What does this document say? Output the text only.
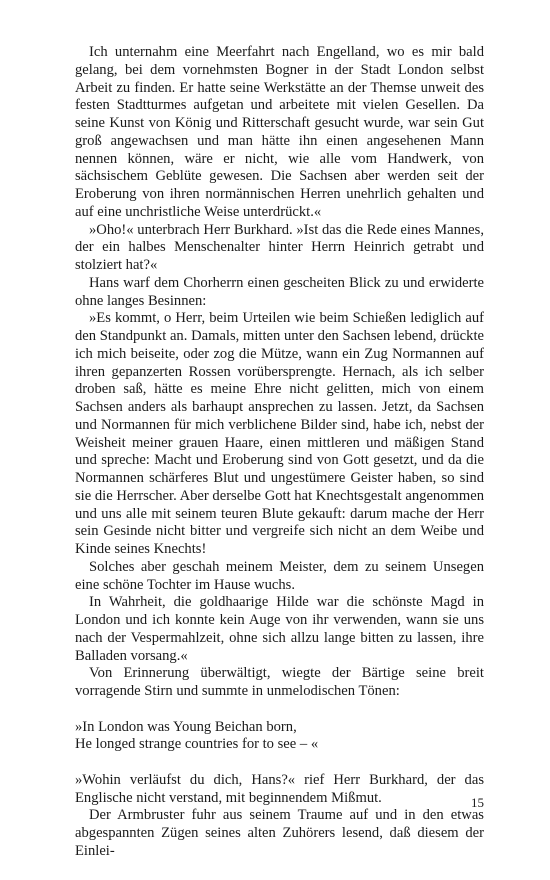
Ich unternahm eine Meerfahrt nach Engelland, wo es mir bald gelang, bei dem vornehmsten Bogner in der Stadt London selbst Arbeit zu finden. Er hatte seine Werkstätte an der Themse unweit des festen Stadtturmes aufgetan und arbeitete mit vielen Gesellen. Da seine Kunst von König und Ritterschaft gesucht wurde, war sein Gut groß angewachsen und man hätte ihn einen angesehenen Mann nennen können, wäre er nicht, wie alle vom Handwerk, von sächsischem Geblüte gewesen. Die Sachsen aber werden seit der Eroberung von ihren normännischen Herren unehrlich gehalten und auf eine unchristliche Weise unterdrückt.«

»Oho!« unterbrach Herr Burkhard. »Ist das die Rede eines Mannes, der ein halbes Menschenalter hinter Herrn Heinrich getrabt und stolziert hat?«

Hans warf dem Chorherrn einen gescheiten Blick zu und erwiderte ohne langes Besinnen:

»Es kommt, o Herr, beim Urteilen wie beim Schießen lediglich auf den Standpunkt an. Damals, mitten unter den Sachsen lebend, drückte ich mich beiseite, oder zog die Mütze, wann ein Zug Normannen auf ihren gepanzerten Rossen vorübersprengte. Hernach, als ich selber droben saß, hätte es meine Ehre nicht gelitten, mich von einem Sachsen anders als barhaupt ansprechen zu lassen. Jetzt, da Sachsen und Normannen für mich verblichene Bilder sind, habe ich, nebst der Weisheit meiner grauen Haare, einen mittleren und mäßigen Stand und spreche: Macht und Eroberung sind von Gott gesetzt, und da die Normannen schärferes Blut und ungestümere Geister haben, so sind sie die Herrscher. Aber derselbe Gott hat Knechtsgestalt angenommen und uns alle mit seinem teuren Blute gekauft: darum mache der Herr sein Gesinde nicht bitter und vergreife sich nicht an dem Weibe und Kinde seines Knechts!

Solches aber geschah meinem Meister, dem zu seinem Unsegen eine schöne Tochter im Hause wuchs.

In Wahrheit, die goldhaarige Hilde war die schönste Magd in London und ich konnte kein Auge von ihr verwenden, wann sie uns nach der Vespermahlzeit, ohne sich allzu lange bitten zu lassen, ihre Balladen vorsang.«

Von Erinnerung überwältigt, wiegte der Bärtige seine breit vorragende Stirn und summte in unmelodischen Tönen:

»In London was Young Beichan born,

He longed strange countries for to see – «

»Wohin verläufst du dich, Hans?« rief Herr Burkhard, der das Englische nicht verstand, mit beginnendem Mißmut.

Der Armbruster fuhr aus seinem Traume auf und in den etwas abgespannten Zügen seines alten Zuhörers lesend, daß diesem der Einlei-

15
